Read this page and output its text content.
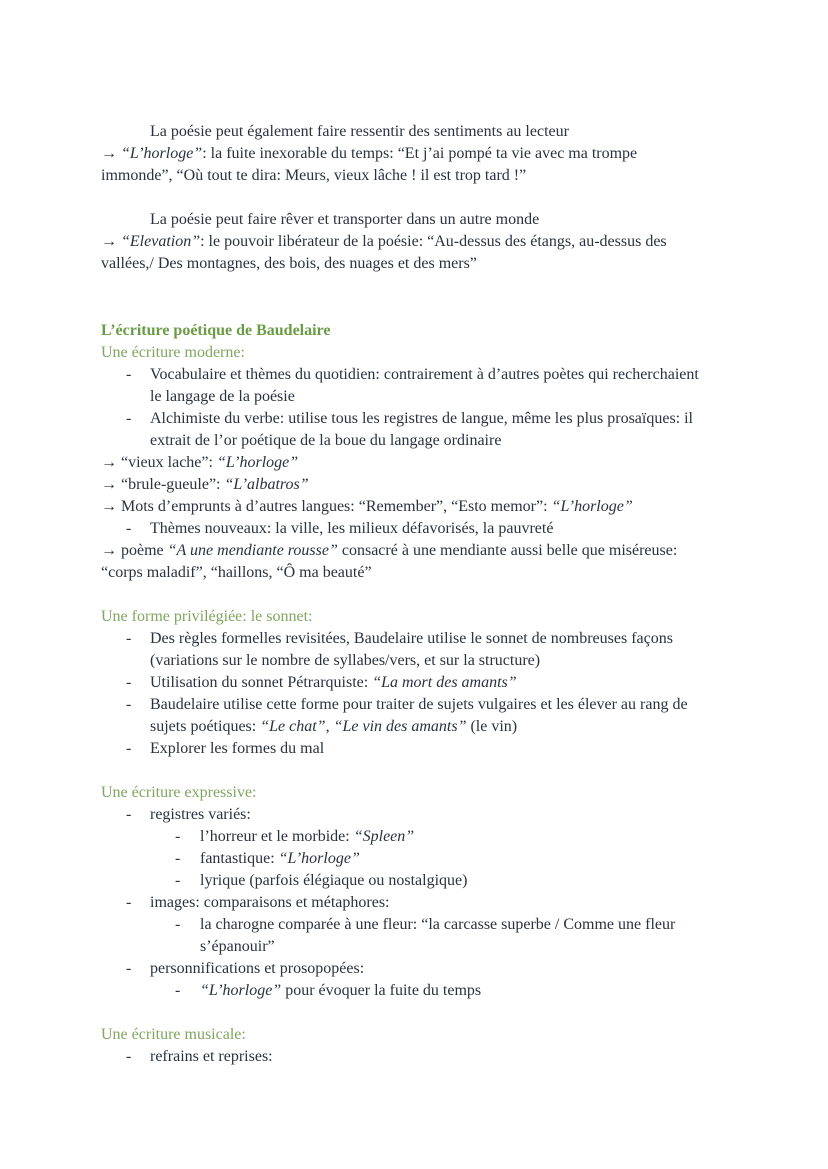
La poésie peut également faire ressentir des sentiments au lecteur
→ “L’horloge”: la fuite inexorable du temps: “Et j’ai pompé ta vie avec ma trompe
immonde”, “Où tout te dira: Meurs, vieux lâche ! il est trop tard !”
La poésie peut faire rêver et transporter dans un autre monde
→ “Elevation”: le pouvoir libérateur de la poésie: “Au-dessus des étangs, au-dessus des
vallées,/ Des montagnes, des bois, des nuages et des mers”
L’écriture poétique de Baudelaire
Une écriture moderne:
- Vocabulaire et thèmes du quotidien: contrairement à d’autres poètes qui recherchaient
le langage de la poésie
- Alchimiste du verbe: utilise tous les registres de langue, même les plus prosaïques: il
extrait de l’or poétique de la boue du langage ordinaire
→ “vieux lache”: “L’horloge”
→ “brule-gueule”: “L’albatros”
→ Mots d’emprunts à d’autres langues: “Remember”, “Esto memor”: “L’horloge”
- Thèmes nouveaux: la ville, les milieux défavorisés, la pauvreté
→ poème “A une mendiante rousse” consacré à une mendiante aussi belle que miséreuse:
“corps maladif”, “haillons, “Ô ma beauté”
Une forme privilégiée: le sonnet:
- Des règles formelles revisitées, Baudelaire utilise le sonnet de nombreuses façons
(variations sur le nombre de syllabes/vers, et sur la structure)
- Utilisation du sonnet Pétrarquiste: “La mort des amants”
- Baudelaire utilise cette forme pour traiter de sujets vulgaires et les élever au rang de
sujets poétiques: “Le chat”, “Le vin des amants” (le vin)
- Explorer les formes du mal
Une écriture expressive:
- registres variés:
- l’horreur et le morbide: “Spleen”
- fantastique: “L’horloge”
- lyrique (parfois élégiaque ou nostalgique)
- images: comparaisons et métaphores:
- la charogne comparée à une fleur: “la carcasse superbe / Comme une fleur
s’épanouir”
- personnifications et prosopopées:
- “L’horloge” pour évoquer la fuite du temps
Une écriture musicale:
- refrains et reprises:
